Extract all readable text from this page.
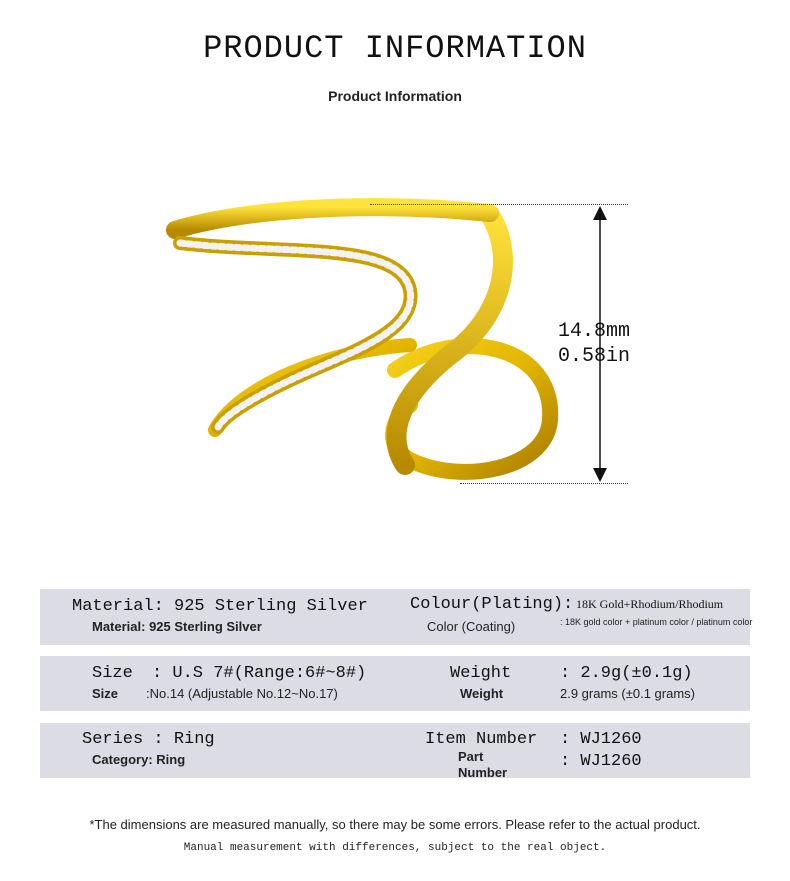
PRODUCT INFORMATION
Product Information
14.8mm
0.58in
Material: 925 Sterling Silver
Material: 925 Sterling Silver
Colour(Plating): 18K Gold+Rhodium/Rhodium
Color (Coating)	: 18K gold color + platinum color / platinum color
Size : U.S 7#(Range:6#~8#)
Size :No.14 (Adjustable No.12~No.17)
Weight	: 2.9g(±0.1g)
Weight	2.9 grams (±0.1 grams)
Series : Ring
Category: Ring
Item Number : WJ1260
Part Number
: WJ1260
*The dimensions are measured manually, so there may be some errors. Please refer to the actual product.
Manual measurement with differences, subject to the real object.
